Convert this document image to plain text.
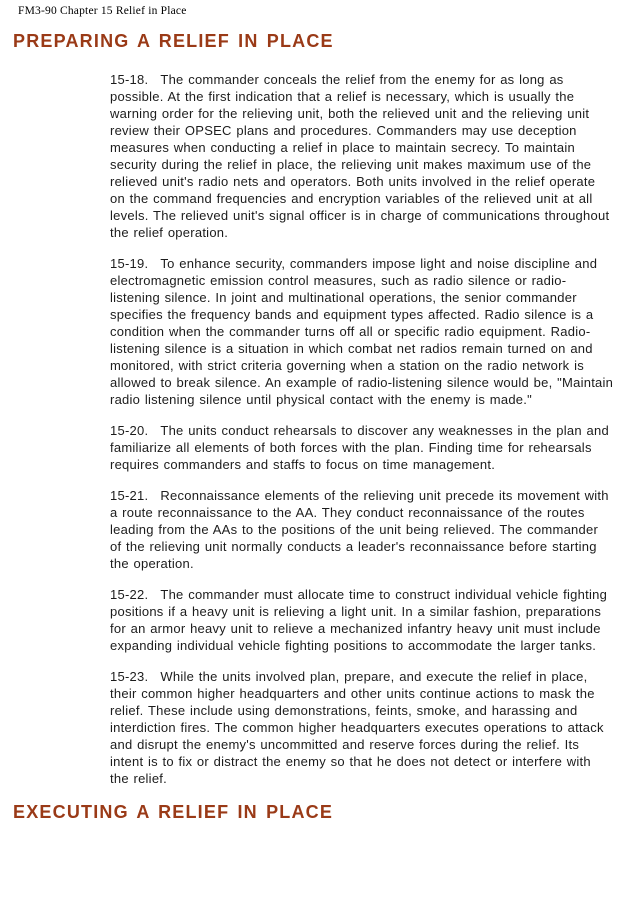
FM3-90 Chapter 15 Relief in Place
PREPARING A RELIEF IN PLACE

15-18. The commander conceals the relief from the enemy for as long as possible. At the first indication that a relief is necessary, which is usually the warning order for the relieving unit, both the relieved unit and the relieving unit review their OPSEC plans and procedures. Commanders may use deception measures when conducting a relief in place to maintain secrecy. To maintain security during the relief in place, the relieving unit makes maximum use of the relieved unit's radio nets and operators. Both units involved in the relief operate on the command frequencies and encryption variables of the relieved unit at all levels. The relieved unit's signal officer is in charge of communications throughout the relief operation.

15-19. To enhance security, commanders impose light and noise discipline and electromagnetic emission control measures, such as radio silence or radio-listening silence. In joint and multinational operations, the senior commander specifies the frequency bands and equipment types affected. Radio silence is a condition when the commander turns off all or specific radio equipment. Radio-listening silence is a situation in which combat net radios remain turned on and monitored, with strict criteria governing when a station on the radio network is allowed to break silence. An example of radio-listening silence would be, "Maintain radio listening silence until physical contact with the enemy is made."

15-20. The units conduct rehearsals to discover any weaknesses in the plan and familiarize all elements of both forces with the plan. Finding time for rehearsals requires commanders and staffs to focus on time management.

15-21. Reconnaissance elements of the relieving unit precede its movement with a route reconnaissance to the AA. They conduct reconnaissance of the routes leading from the AAs to the positions of the unit being relieved. The commander of the relieving unit normally conducts a leader's reconnaissance before starting the operation.

15-22. The commander must allocate time to construct individual vehicle fighting positions if a heavy unit is relieving a light unit. In a similar fashion, preparations for an armor heavy unit to relieve a mechanized infantry heavy unit must include expanding individual vehicle fighting positions to accommodate the larger tanks.

15-23. While the units involved plan, prepare, and execute the relief in place, their common higher headquarters and other units continue actions to mask the relief. These include using demonstrations, feints, smoke, and harassing and interdiction fires. The common higher headquarters executes operations to attack and disrupt the enemy's uncommitted and reserve forces during the relief. Its intent is to fix or distract the enemy so that he does not detect or interfere with the relief.

EXECUTING A RELIEF IN PLACE
